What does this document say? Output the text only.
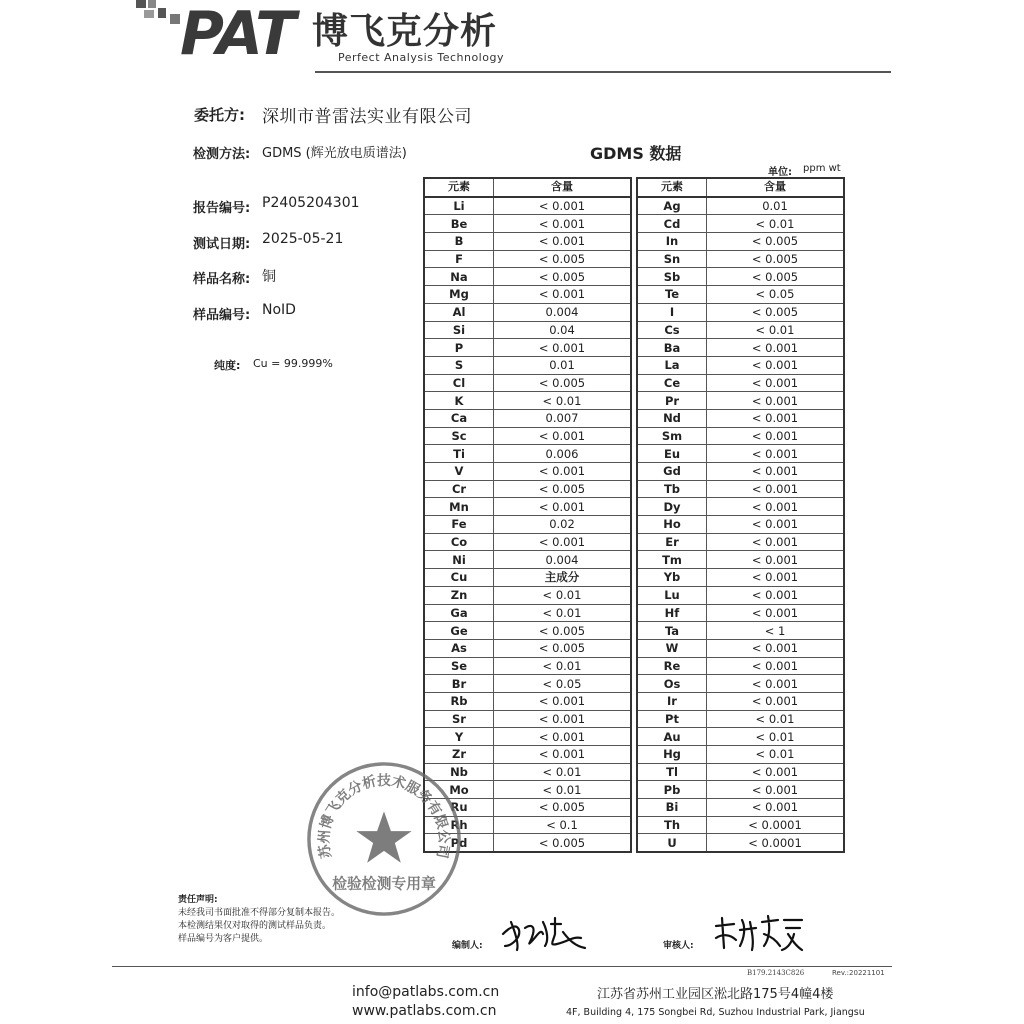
PAT 博飞克分析
Perfect Analysis Technology
委托方: 深圳市普雷法实业有限公司
检测方法: GDMS (辉光放电质谱法)
报告编号: P2405204301
测试日期: 2025-05-21
样品名称: 铜
样品编号: NoID
纯度: Cu = 99.999%
GDMS 数据
单位: ppm wt
元素	含量
Li	< 0.001
Be	< 0.001
B	< 0.001
F	< 0.005
Na	< 0.005
Mg	< 0.001
Al	0.004
Si	0.04
P	< 0.001
S	0.01
Cl	< 0.005
K	< 0.01
Ca	0.007
Sc	< 0.001
Ti	0.006
V	< 0.001
Cr	< 0.005
Mn	< 0.001
Fe	0.02
Co	< 0.001
Ni	0.004
Cu	主成分
Zn	< 0.01
Ga	< 0.01
Ge	< 0.005
As	< 0.005
Se	< 0.01
Br	< 0.05
Rb	< 0.001
Sr	< 0.001
Y	< 0.001
Zr	< 0.001
Nb	< 0.01
Mo	< 0.01
Ru	< 0.005
Rh	< 0.1
Pd	< 0.005
元素	含量
Ag	0.01
Cd	< 0.01
In	< 0.005
Sn	< 0.005
Sb	< 0.005
Te	< 0.05
I	< 0.005
Cs	< 0.01
Ba	< 0.001
La	< 0.001
Ce	< 0.001
Pr	< 0.001
Nd	< 0.001
Sm	< 0.001
Eu	< 0.001
Gd	< 0.001
Tb	< 0.001
Dy	< 0.001
Ho	< 0.001
Er	< 0.001
Tm	< 0.001
Yb	< 0.001
Lu	< 0.001
Hf	< 0.001
Ta	< 1
W	< 0.001
Re	< 0.001
Os	< 0.001
Ir	< 0.001
Pt	< 0.01
Au	< 0.01
Hg	< 0.01
Tl	< 0.001
Pb	< 0.001
Bi	< 0.001
Th	< 0.0001
U	< 0.0001
苏州博飞克分析技术服务有限公司
检验检测专用章
责任声明:
未经我司书面批准不得部分复制本报告。
本检测结果仅对取得的测试样品负责。
样品编号为客户提供。
编制人:	审核人:
B179.2143C826	Rev.:20221101
info@patlabs.com.cn
www.patlabs.com.cn
江苏省苏州工业园区淞北路175号4幢4楼
4F, Building 4, 175 Songbei Rd, Suzhou Industrial Park, Jiangsu
